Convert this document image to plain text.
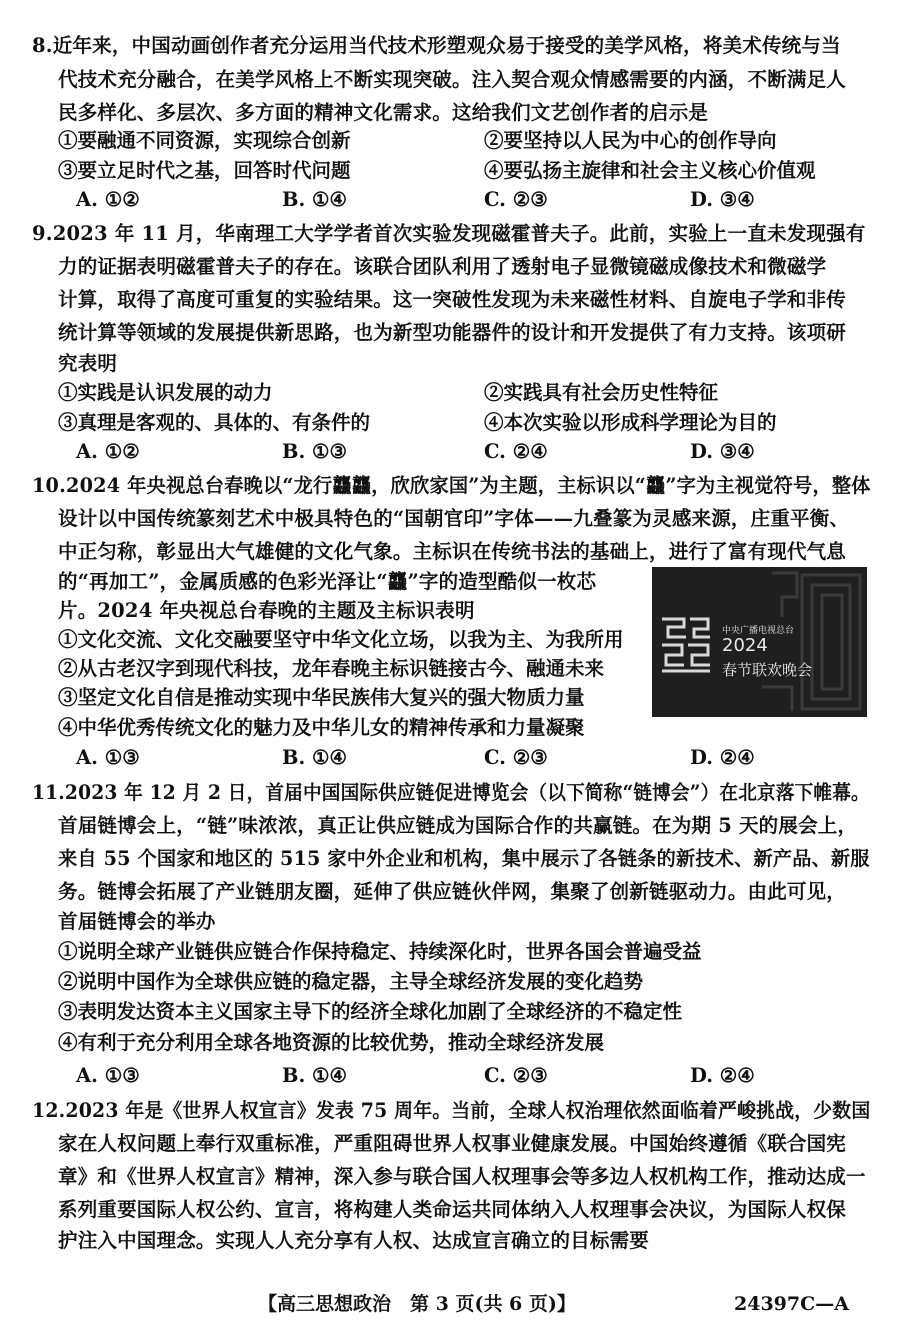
8.近年来，中国动画创作者充分运用当代技术形塑观众易于接受的美学风格，将美术传统与当
代技术充分融合，在美学风格上不断实现突破。注入契合观众情感需要的内涵，不断满足人
民多样化、多层次、多方面的精神文化需求。这给我们文艺创作者的启示是
①要融通不同资源，实现综合创新	②要坚持以人民为中心的创作导向
③要立足时代之基，回答时代问题	④要弘扬主旋律和社会主义核心价值观
A. ①②	B. ①④	C. ②③	D. ③④
9.2023 年 11 月，华南理工大学学者首次实验发现磁霍普夫子。此前，实验上一直未发现强有
力的证据表明磁霍普夫子的存在。该联合团队利用了透射电子显微镜磁成像技术和微磁学
计算，取得了高度可重复的实验结果。这一突破性发现为未来磁性材料、自旋电子学和非传
统计算等领域的发展提供新思路，也为新型功能器件的设计和开发提供了有力支持。该项研
究表明
①实践是认识发展的动力	②实践具有社会历史性特征
③真理是客观的、具体的、有条件的	④本次实验以形成科学理论为目的
A. ①②	B. ①③	C. ②④	D. ③④
10.2024 年央视总台春晚以“龙行龘龘，欣欣家国”为主题，主标识以“龘”字为主视觉符号，整体
设计以中国传统篆刻艺术中极具特色的“国朝官印”字体——九叠篆为灵感来源，庄重平衡、
中正匀称，彰显出大气雄健的文化气象。主标识在传统书法的基础上，进行了富有现代气息
的“再加工”，金属质感的色彩光泽让“龘”字的造型酷似一枚芯
片。2024 年央视总台春晚的主题及主标识表明
①文化交流、文化交融要坚守中华文化立场，以我为主、为我所用
②从古老汉字到现代科技，龙年春晚主标识链接古今、融通未来
③坚定文化自信是推动实现中华民族伟大复兴的强大物质力量
④中华优秀传统文化的魅力及中华儿女的精神传承和力量凝聚
A. ①③	B. ①④	C. ②③	D. ②④
中央广播电视总台
2024
春节联欢晚会
11.2023 年 12 月 2 日，首届中国国际供应链促进博览会（以下简称“链博会”）在北京落下帷幕。
首届链博会上，“链”味浓浓，真正让供应链成为国际合作的共赢链。在为期 5 天的展会上，
来自 55 个国家和地区的 515 家中外企业和机构，集中展示了各链条的新技术、新产品、新服
务。链博会拓展了产业链朋友圈，延伸了供应链伙伴网，集聚了创新链驱动力。由此可见，
首届链博会的举办
①说明全球产业链供应链合作保持稳定、持续深化时，世界各国会普遍受益
②说明中国作为全球供应链的稳定器，主导全球经济发展的变化趋势
③表明发达资本主义国家主导下的经济全球化加剧了全球经济的不稳定性
④有利于充分利用全球各地资源的比较优势，推动全球经济发展
A. ①③	B. ①④	C. ②③	D. ②④
12.2023 年是《世界人权宣言》发表 75 周年。当前，全球人权治理依然面临着严峻挑战，少数国
家在人权问题上奉行双重标准，严重阻碍世界人权事业健康发展。中国始终遵循《联合国宪
章》和《世界人权宣言》精神，深入参与联合国人权理事会等多边人权机构工作，推动达成一
系列重要国际人权公约、宣言，将构建人类命运共同体纳入人权理事会决议，为国际人权保
护注入中国理念。实现人人充分享有人权、达成宣言确立的目标需要
【高三思想政治　第 3 页(共 6 页)】	24397C—A
